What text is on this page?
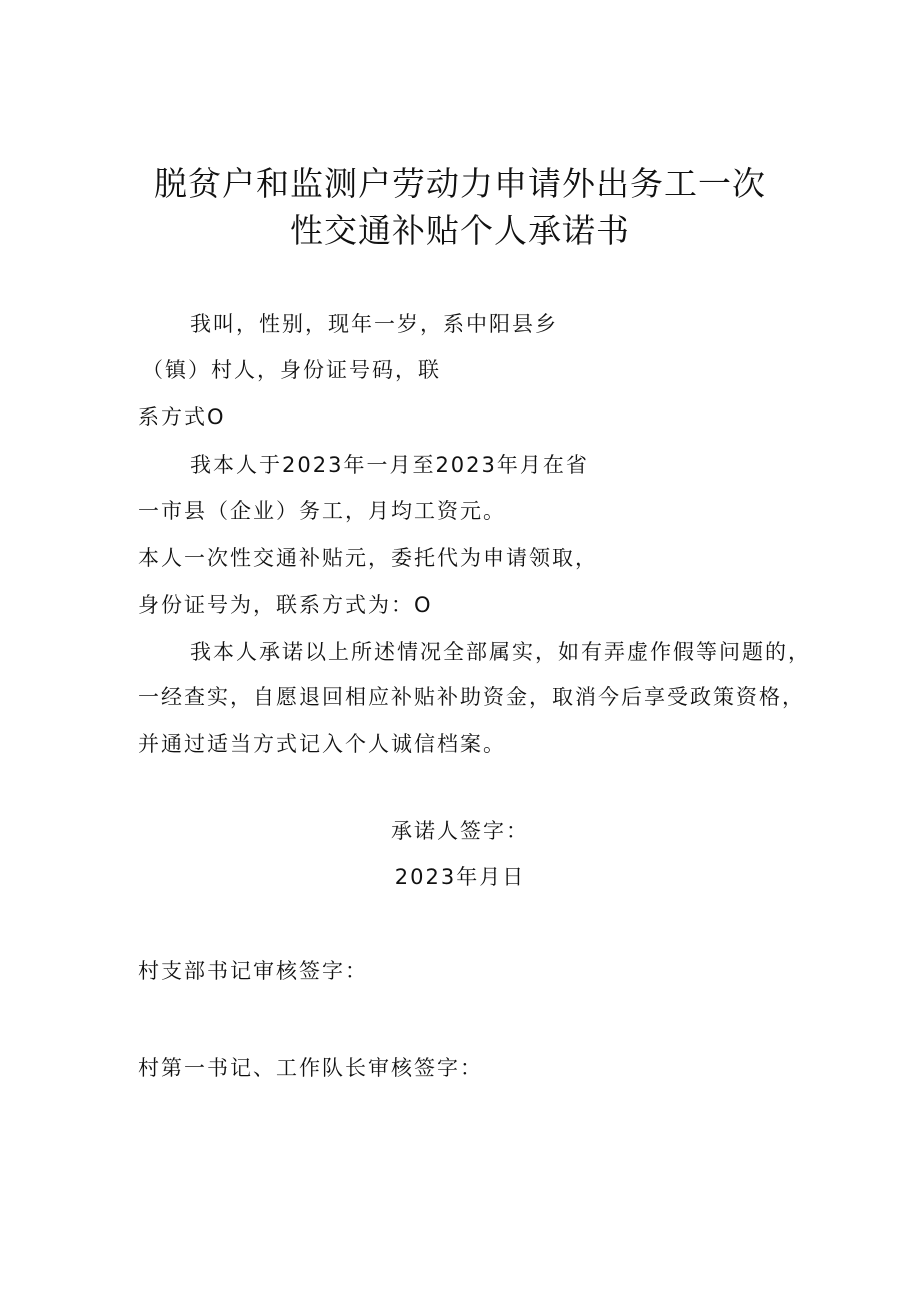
脱贫户和监测户劳动力申请外出务工一次
性交通补贴个人承诺书
我叫，性别，现年一岁，系中阳县乡
（镇）村人，身份证号码，联
系方式O
我本人于2023年一月至2023年月在省
一市县（企业）务工，月均工资元。
本人一次性交通补贴元，委托代为申请领取，
身份证号为，联系方式为：O
我本人承诺以上所述情况全部属实，如有弄虚作假等问题的，
一经查实，自愿退回相应补贴补助资金，取消今后享受政策资格，
并通过适当方式记入个人诚信档案。
承诺人签字：
2023年月日
村支部书记审核签字：
村第一书记、工作队长审核签字：
